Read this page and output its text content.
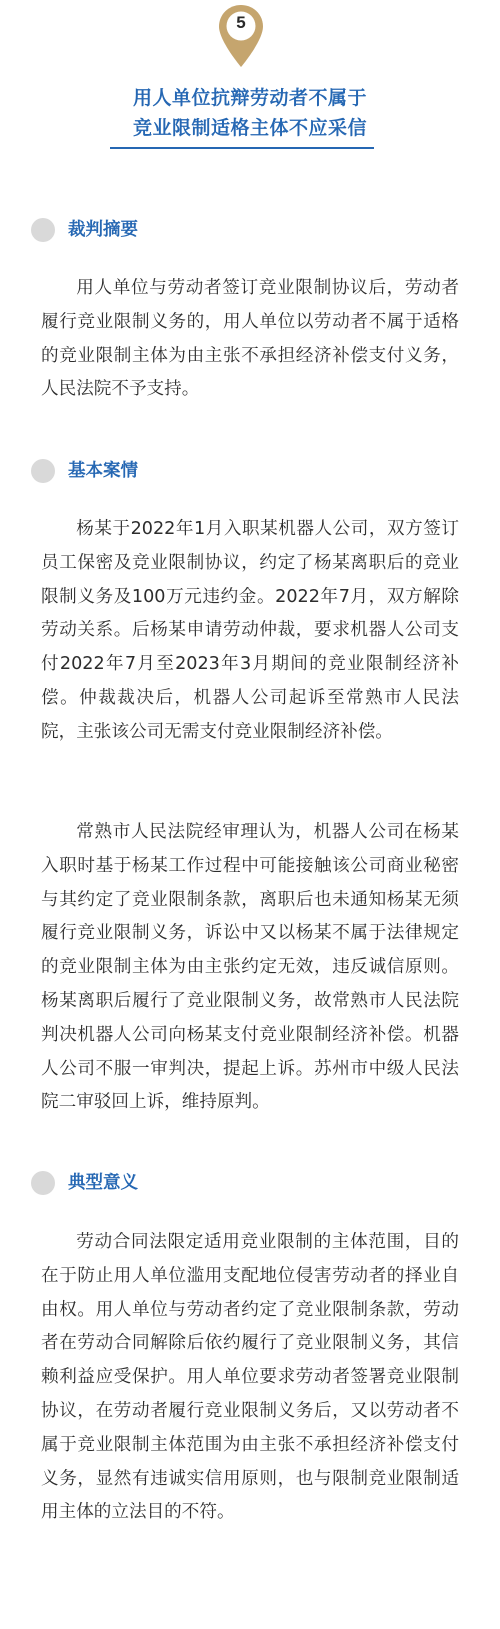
5
用人单位抗辩劳动者不属于
竞业限制适格主体不应采信
裁判摘要

用人单位与劳动者签订竞业限制协议后，劳动者履行竞业限制义务的，用人单位以劳动者不属于适格的竞业限制主体为由主张不承担经济补偿支付义务，人民法院不予支持。

基本案情

杨某于2022年1月入职某机器人公司，双方签订员工保密及竞业限制协议，约定了杨某离职后的竞业限制义务及100万元违约金。2022年7月，双方解除劳动关系。后杨某申请劳动仲裁，要求机器人公司支付2022年7月至2023年3月期间的竞业限制经济补偿。仲裁裁决后，机器人公司起诉至常熟市人民法院，主张该公司无需支付竞业限制经济补偿。

常熟市人民法院经审理认为，机器人公司在杨某入职时基于杨某工作过程中可能接触该公司商业秘密与其约定了竞业限制条款，离职后也未通知杨某无须履行竞业限制义务，诉讼中又以杨某不属于法律规定的竞业限制主体为由主张约定无效，违反诚信原则。杨某离职后履行了竞业限制义务，故常熟市人民法院判决机器人公司向杨某支付竞业限制经济补偿。机器人公司不服一审判决，提起上诉。苏州市中级人民法院二审驳回上诉，维持原判。

典型意义

劳动合同法限定适用竞业限制的主体范围，目的在于防止用人单位滥用支配地位侵害劳动者的择业自由权。用人单位与劳动者约定了竞业限制条款，劳动者在劳动合同解除后依约履行了竞业限制义务，其信赖利益应受保护。用人单位要求劳动者签署竞业限制协议，在劳动者履行竞业限制义务后，又以劳动者不属于竞业限制主体范围为由主张不承担经济补偿支付义务，显然有违诚实信用原则，也与限制竞业限制适用主体的立法目的不符。
